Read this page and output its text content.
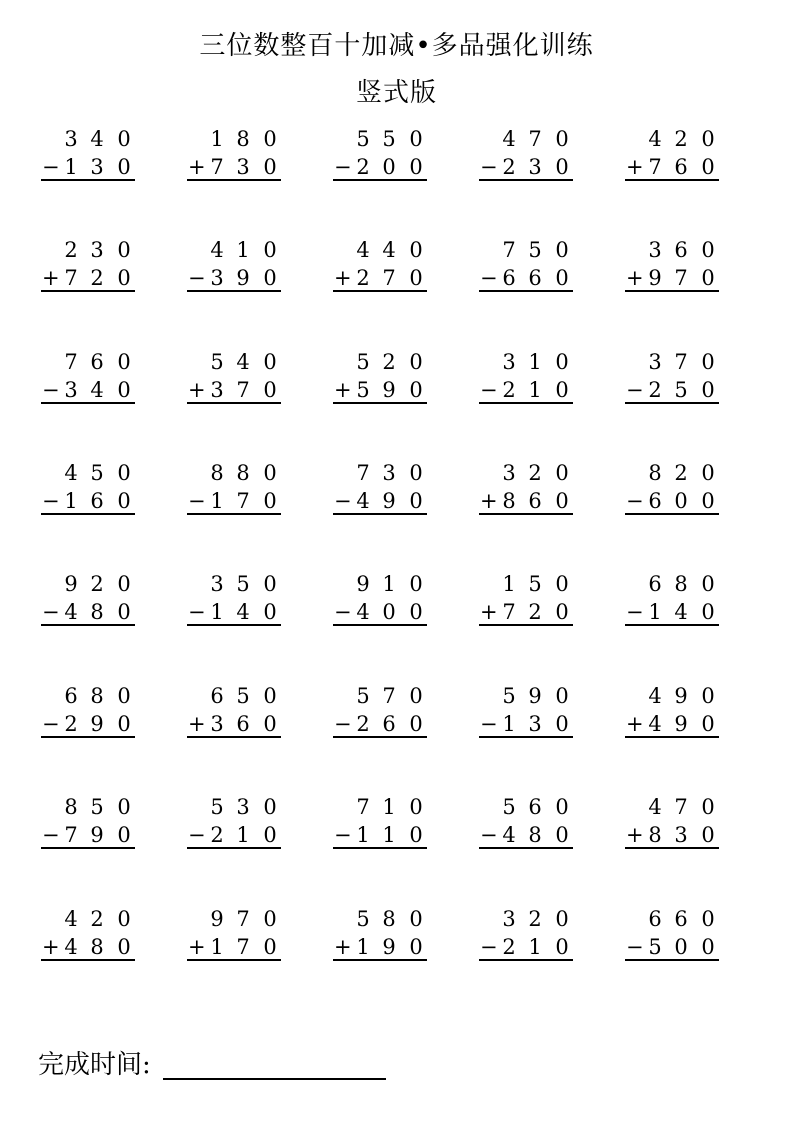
三位数整百十加减•多品强化训练
竖式版
3 4 0
− 1 3 0
1 8 0
+ 7 3 0
5 5 0
− 2 0 0
4 7 0
− 2 3 0
4 2 0
+ 7 6 0
2 3 0
+ 7 2 0
4 1 0
− 3 9 0
4 4 0
+ 2 7 0
7 5 0
− 6 6 0
3 6 0
+ 9 7 0
7 6 0
− 3 4 0
5 4 0
+ 3 7 0
5 2 0
+ 5 9 0
3 1 0
− 2 1 0
3 7 0
− 2 5 0
4 5 0
− 1 6 0
8 8 0
− 1 7 0
7 3 0
− 4 9 0
3 2 0
+ 8 6 0
8 2 0
− 6 0 0
9 2 0
− 4 8 0
3 5 0
− 1 4 0
9 1 0
− 4 0 0
1 5 0
+ 7 2 0
6 8 0
− 1 4 0
6 8 0
− 2 9 0
6 5 0
+ 3 6 0
5 7 0
− 2 6 0
5 9 0
− 1 3 0
4 9 0
+ 4 9 0
8 5 0
− 7 9 0
5 3 0
− 2 1 0
7 1 0
− 1 1 0
5 6 0
− 4 8 0
4 7 0
+ 8 3 0
4 2 0
+ 4 8 0
9 7 0
+ 1 7 0
5 8 0
+ 1 9 0
3 2 0
− 2 1 0
6 6 0
− 5 0 0
完成时间:
